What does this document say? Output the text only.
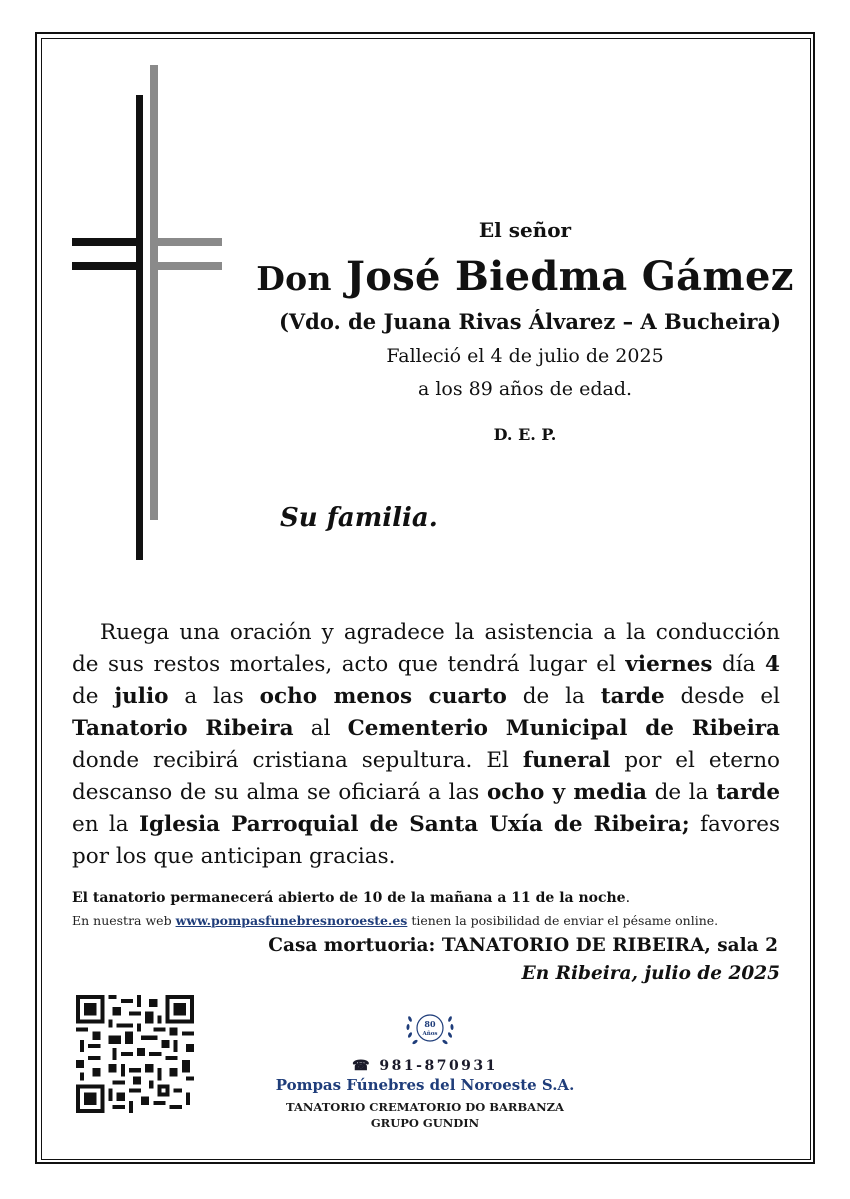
El señor
Don José Biedma Gámez
(Vdo. de Juana Rivas Álvarez – A Bucheira)
Falleció el 4 de julio de 2025
a los 89 años de edad.
D. E. P.
Su familia.

Ruega una oración y agradece la asistencia a la conducción de sus restos mortales, acto que tendrá lugar el viernes día 4 de julio a las ocho menos cuarto de la tarde desde el Tanatorio Ribeira al Cementerio Municipal de Ribeira donde recibirá cristiana sepultura. El funeral por el eterno descanso de su alma se oficiará a las ocho y media de la tarde en la Iglesia Parroquial de Santa Uxía de Ribeira; favores por los que anticipan gracias.

El tanatorio permanecerá abierto de 10 de la mañana a 11 de la noche.
En nuestra web www.pompasfunebresnoroeste.es tienen la posibilidad de enviar el pésame online.
Casa mortuoria: TANATORIO DE RIBEIRA, sala 2
En Ribeira, julio de 2025
80
Años
☎ 981-870931
Pompas Fúnebres del Noroeste S.A.
TANATORIO CREMATORIO DO BARBANZA
GRUPO GUNDIN
